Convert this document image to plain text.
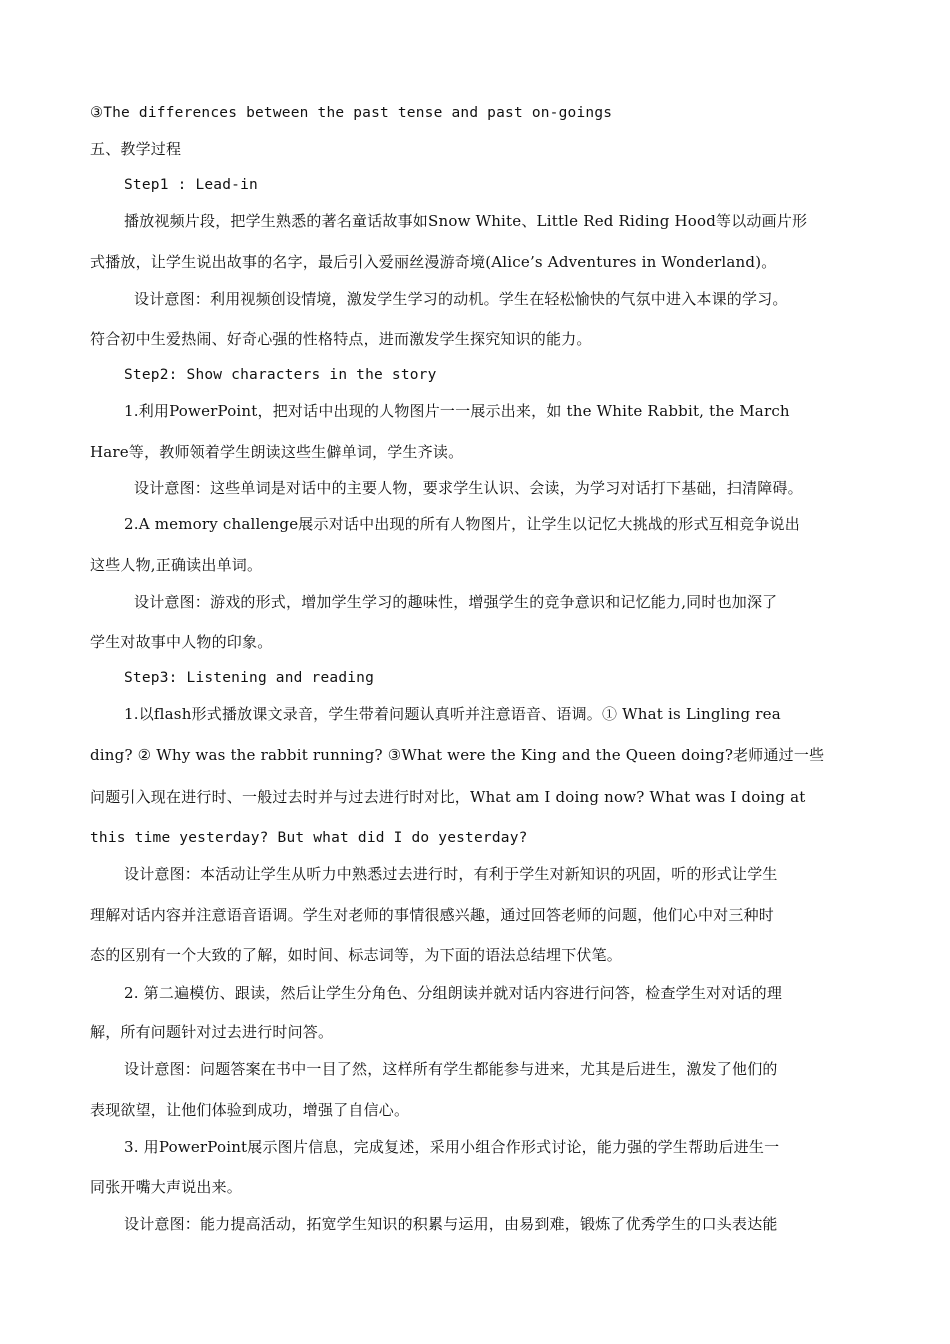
③The differences between the past tense and past on-goings
五、教学过程
Step1 : Lead-in
播放视频片段，把学生熟悉的著名童话故事如Snow White、Little Red Riding Hood等以动画片形
式播放，让学生说出故事的名字，最后引入爱丽丝漫游奇境(Alice’s Adventures in Wonderland)。
设计意图：利用视频创设情境，激发学生学习的动机。学生在轻松愉快的气氛中进入本课的学习。
符合初中生爱热闹、好奇心强的性格特点，进而激发学生探究知识的能力。
Step2: Show characters in the story
1.利用PowerPoint，把对话中出现的人物图片一一展示出来，如 the White Rabbit, the March
Hare等，教师领着学生朗读这些生僻单词，学生齐读。
设计意图：这些单词是对话中的主要人物，要求学生认识、会读，为学习对话打下基础，扫清障碍。
2.A memory challenge展示对话中出现的所有人物图片，让学生以记忆大挑战的形式互相竞争说出
这些人物,正确读出单词。
设计意图：游戏的形式，增加学生学习的趣味性，增强学生的竞争意识和记忆能力,同时也加深了
学生对故事中人物的印象。
Step3: Listening and reading
1.以flash形式播放课文录音，学生带着问题认真听并注意语音、语调。① What is Lingling rea
ding? ② Why was the rabbit running? ③What were the King and the Queen doing?老师通过一些
问题引入现在进行时、一般过去时并与过去进行时对比，What am I doing now? What was I doing at
this time yesterday? But what did I do yesterday?
设计意图：本活动让学生从听力中熟悉过去进行时，有利于学生对新知识的巩固，听的形式让学生
理解对话内容并注意语音语调。学生对老师的事情很感兴趣，通过回答老师的问题，他们心中对三种时
态的区别有一个大致的了解，如时间、标志词等，为下面的语法总结埋下伏笔。
2. 第二遍模仿、跟读，然后让学生分角色、分组朗读并就对话内容进行问答，检查学生对对话的理
解，所有问题针对过去进行时问答。
设计意图：问题答案在书中一目了然，这样所有学生都能参与进来，尤其是后进生，激发了他们的
表现欲望，让他们体验到成功，增强了自信心。
3. 用PowerPoint展示图片信息，完成复述，采用小组合作形式讨论，能力强的学生帮助后进生一
同张开嘴大声说出来。
设计意图：能力提高活动，拓宽学生知识的积累与运用，由易到难，锻炼了优秀学生的口头表达能
